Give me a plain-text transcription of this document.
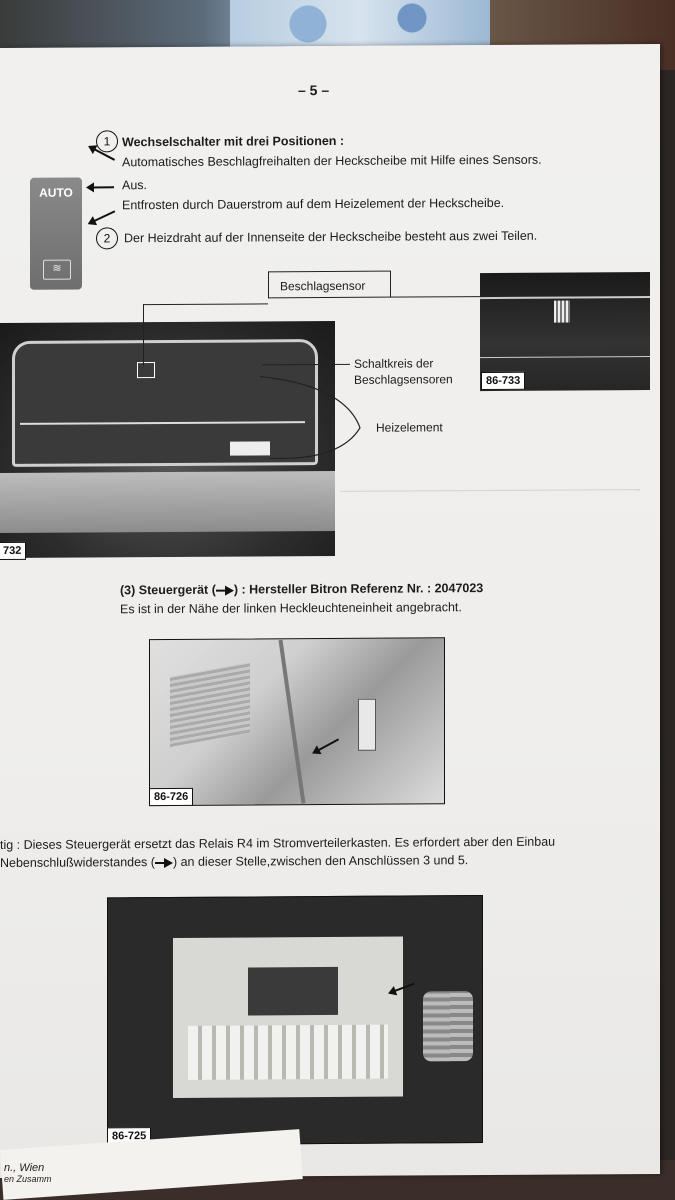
– 5 –
AUTO
≋
1 Wechselschalter mit drei Positionen :
Automatisches Beschlagfreihalten der Heckscheibe mit Hilfe eines Sensors.
Aus.
Entfrosten durch Dauerstrom auf dem Heizelement der Heckscheibe.
2	Der Heizdraht auf der Innenseite der Heckscheibe besteht aus zwei Teilen.
732
86-733
Beschlagsensor
Schaltkreis der
Beschlagsensoren
Heizelement
(3) Steuergerät ( ) : Hersteller Bitron Referenz Nr. : 2047023
Es ist in der Nähe der linken Heckleuchteneinheit angebracht.
86-726
tig : Dieses Steuergerät ersetzt das Relais R4 im Stromverteilerkasten. Es erfordert aber den Einbau
Nebenschlußwiderstandes ( ) an dieser Stelle,zwischen den Anschlüssen 3 und 5.
86-725
n., Wien
en Zusamm
